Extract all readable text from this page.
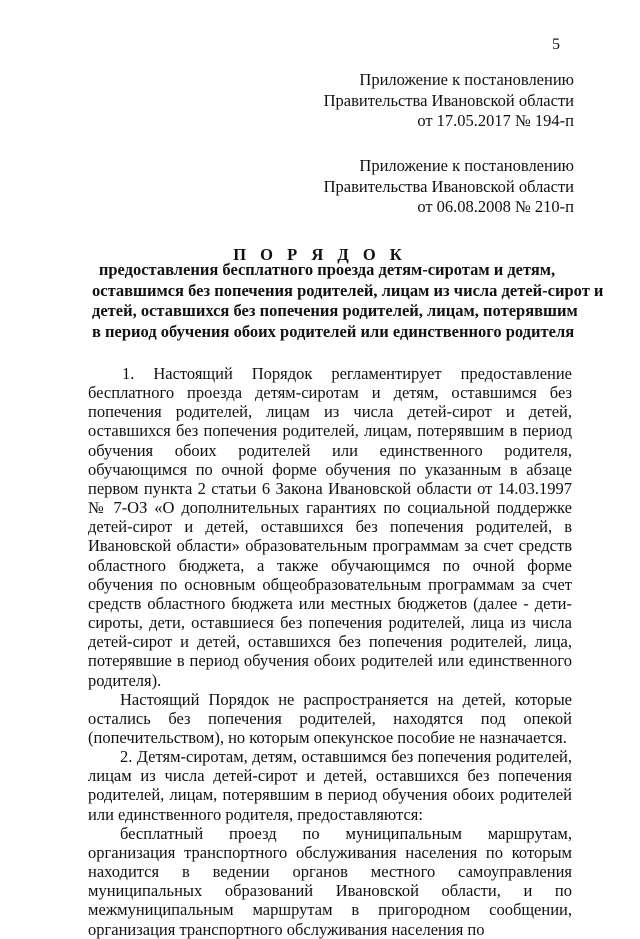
5
Приложение к постановлению
Правительства Ивановской области
от 17.05.2017 № 194-п
Приложение к постановлению
Правительства Ивановской области
от 06.08.2008 № 210-п
П О Р Я Д О К
предоставления бесплатного проезда детям-сиротам и детям,
оставшимся без попечения родителей, лицам из числа детей-сирот и
детей, оставшихся без попечения родителей, лицам, потерявшим
в период обучения обоих родителей или единственного родителя

1. Настоящий Порядок регламентирует предоставление бесплатного проезда детям-сиротам и детям, оставшимся без попечения родителей, лицам из числа детей-сирот и детей, оставшихся без попечения родителей, лицам, потерявшим в период обучения обоих родителей или единственного родителя, обучающимся по очной форме обучения по указанным в абзаце первом пункта 2 статьи 6 Закона Ивановской области от 14.03.1997 № 7-ОЗ «О дополнительных гарантиях по социальной поддержке детей-сирот и детей, оставшихся без попечения родителей, в Ивановской области» образовательным программам за счет средств областного бюджета, а также обучающимся по очной форме обучения по основным общеобразовательным программам за счет средств областного бюджета или местных бюджетов (далее - дети-сироты, дети, оставшиеся без попечения родителей, лица из числа детей-сирот и детей, оставшихся без попечения родителей, лица, потерявшие в период обучения обоих родителей или единственного родителя).

Настоящий Порядок не распространяется на детей, которые остались без попечения родителей, находятся под опекой (попечительством), но которым опекунское пособие не назначается.

2. Детям-сиротам, детям, оставшимся без попечения родителей, лицам из числа детей-сирот и детей, оставшихся без попечения родителей, лицам, потерявшим в период обучения обоих родителей или единственного родителя, предоставляются:

бесплатный проезд по муниципальным маршрутам, организация транспортного обслуживания населения по которым находится в ведении органов местного самоуправления муниципальных образований Ивановской области, и по межмуниципальным маршрутам в пригородном сообщении, организация транспортного обслуживания населения по
